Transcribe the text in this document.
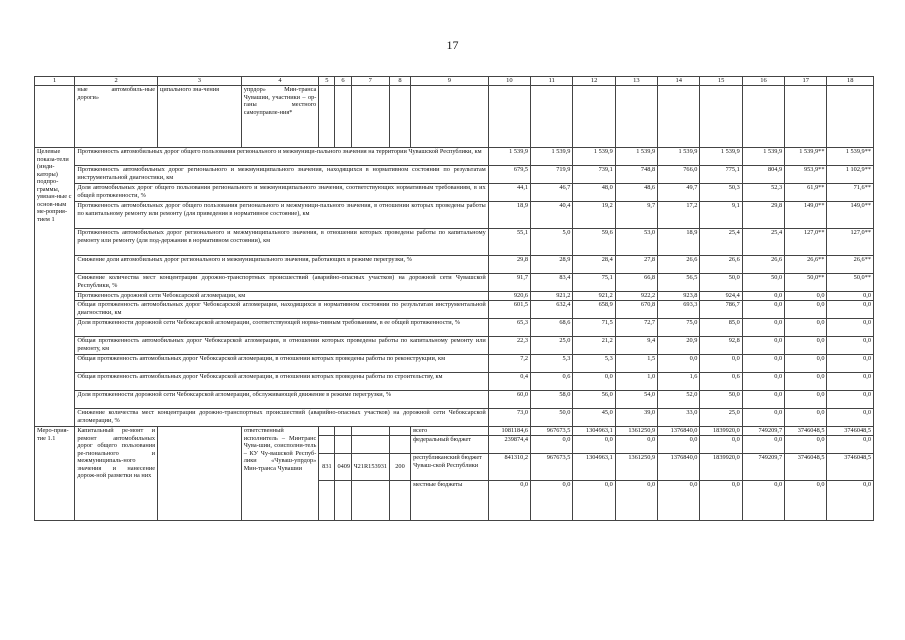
17
1	2	3	4	5	6	7	8	9	10	11	12	13	14	15	16	17	18
	ные автомобиль-ные дороги»	ципального зна-чения	упрдор» Мин-транса Чувашии, участники – ор-ганы местного самоуправле-ния*														
Целевые показа-тели (инди-каторы) подпро-граммы, увязан-ные с основ-ным ме-роприя-тием 1	Протяженность автомобильных дорог общего пользования регионального и межмуници-пального значения на территории Чувашской Республики, км								1 539,9	1 539,9	1 539,9	1 539,9	1 539,9	1 539,9	1 539,9	1 539,9**	1 539,9**
	Протяженность автомобильных дорог регионального и межмуниципального значения, находящихся в нормативном состоянии по результатам инструментальной диагностики, км								679,5	719,9	739,1	748,8	766,0	775,1	804,9	953,9**	1 102,9**
	Доля автомобильных дорог общего пользования регионального и межмуниципального значения, соответствующих нормативным требованиям, в их общей протяженности, %								44,1	46,7	48,0	48,6	49,7	50,3	52,3	61,9**	71,6**
	Протяженность автомобильных дорог общего пользования регионального и межмуници-пального значения, в отношении которых проведены работы по капитальному ремонту или ремонту (для приведения в нормативное состояние), км								18,9	40,4	19,2	9,7	17,2	9,1	29,8	149,0**	149,0**
	Протяженность автомобильных дорог регионального и межмуниципального значения, в отношении которых проведены работы по капитальному ремонту или ремонту (для под-держания в нормативном состоянии), км								55,1	5,0	59,6	53,0	18,9	25,4	25,4	127,0**	127,0**
	Снижение доли автомобильных дорог регионального и межмуниципального значения, работающих в режиме перегрузки, %								29,8	28,9	28,4	27,8	26,6	26,6	26,6	26,6**	26,6**
	Снижение количества мест концентрации дорожно-транспортных происшествий (аварийно-опасных участков) на дорожной сети Чувашской Республики, %								91,7	83,4	75,1	66,8	56,5	50,0	50,0	50,0**	50,0**
	Протяженность дорожной сети Чебоксарской агломерации, км								920,6	921,2	921,2	922,2	923,8	924,4	0,0	0,0	0,0
	Общая протяженность автомобильных дорог Чебоксарской агломерации, находящихся в нормативном состоянии по результатам инструментальной диагностики, км								601,5	632,4	658,9	670,8	693,3	786,7	0,0	0,0	0,0
	Доля протяженности дорожной сети Чебоксарской агломерации, соответствующей норма-тивным требованиям, в ее общей протяженности, %								65,3	68,6	71,5	72,7	75,0	85,0	0,0	0,0	0,0
	Общая протяженность автомобильных дорог Чебоксарской агломерации, в отношении которых проведены работы по капитальному ремонту или ремонту, км								22,3	25,0	21,2	9,4	20,9	92,8	0,0	0,0	0,0
	Общая протяженность автомобильных дорог Чебоксарской агломерации, в отношении которых проведены работы по реконструкции, км								7,2	5,3	5,3	1,5	0,0	0,0	0,0	0,0	0,0
	Общая протяженность автомобильных дорог Чебоксарской агломерации, в отношении которых проведены работы по строительству, км								0,4	0,6	0,0	1,0	1,6	0,6	0,0	0,0	0,0
	Доля протяженности дорожной сети Чебоксарской агломерации, обслуживающей движение в режиме перегрузки, %								60,0	58,0	56,0	54,0	52,0	50,0	0,0	0,0	0,0
	Снижение количества мест концентрации дорожно-транспортных происшествий (аварийно-опасных участков) на дорожной сети Чебоксарской агломерации, %								73,0	50,0	45,0	39,0	33,0	25,0	0,0	0,0	0,0
Меро-прия-тие 1.1	Капитальный ре-монт и ремонт автомобильных дорог общего пользования ре-гионального и межмуниципаль-ного значения и нанесение дорож-ной разметки на них		ответственный исполнитель – Минтранс Чува-шии, соисполни-тель – КУ Чу-вашской Респуб-лики «Чуваш-упрдор» Мин-транса Чувашии					всего	1081184,6	967673,5	1304963,1	1361250,9	1376840,0	1839920,0	749209,7	3746048,5	3746048,5
								федеральный бюджет	239874,4	0,0	0,0	0,0	0,0	0,0	0,0	0,0	0,0
				831	0409	Ч21R153931	200	республиканский бюджет Чуваш-ской Республики	841310,2	967673,5	1304963,1	1361250,9	1376840,0	1839920,0	749209,7	3746048,5	3746048,5
								местные бюджеты	0,0	0,0	0,0	0,0	0,0	0,0	0,0	0,0	0,0
